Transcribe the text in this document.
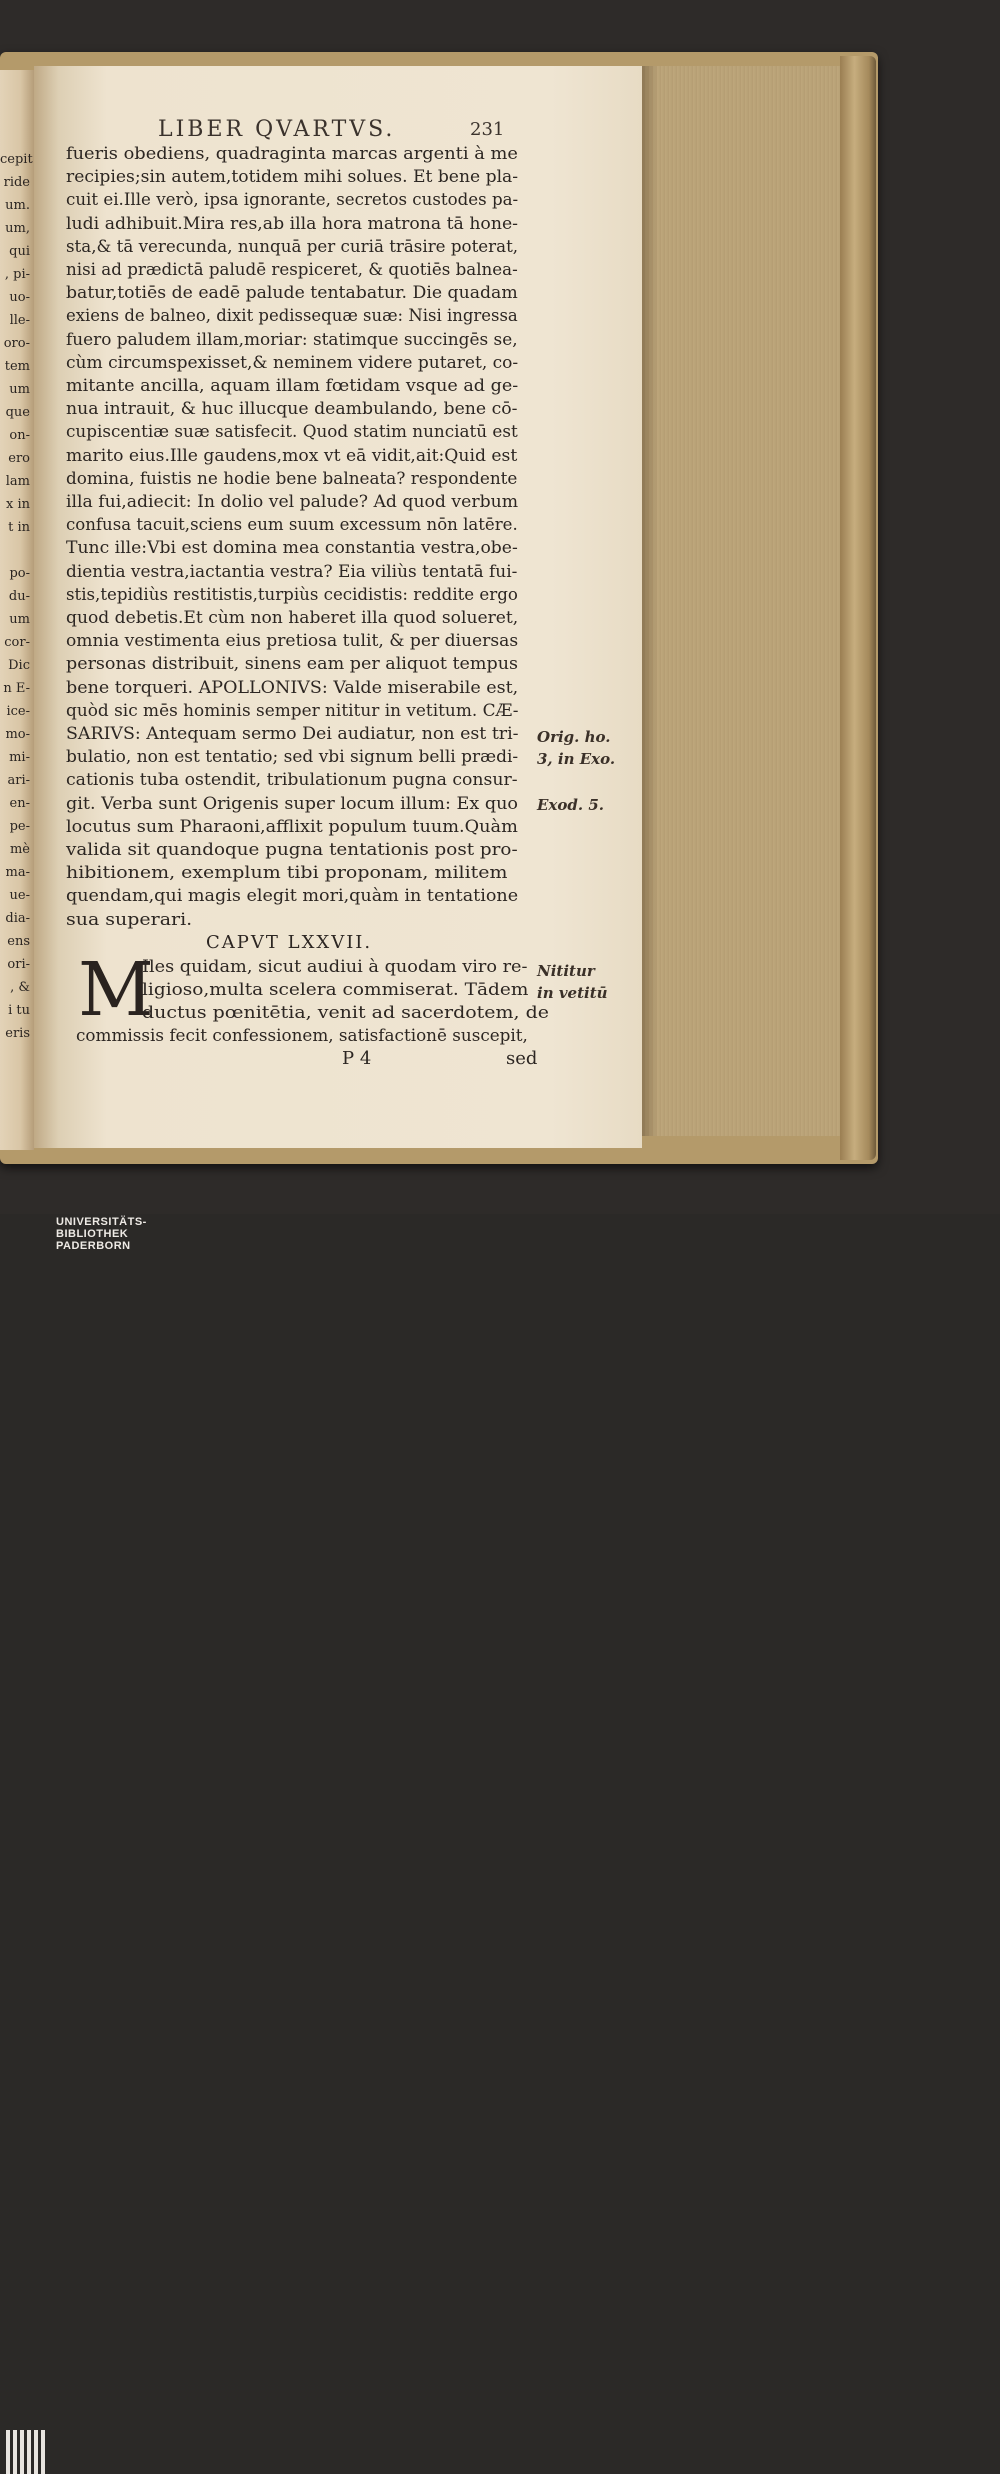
cepit
ride
um.
um,
qui
, pi-
uo-
lle-
oro-
tem
um
que
on-
ero
lam
x in
t in
po-
du-
um
cor-
Dic
n E-
ice-
mo-
mi-
ari-
en-
pe-
mè
ma-
ue-
dia-
ens
ori-
, &
i tu
eris
LIBER QVARTVS.	231
fueris obediens, quadraginta marcas argenti à me
recipies;sin autem,totidem mihi solues. Et bene pla-
cuit ei.Ille verò, ipsa ignorante, secretos custodes pa-
ludi adhibuit.Mira res,ab illa hora matrona tā hone-
sta,& tā verecunda, nunquā per curiā trāsire poterat,
nisi ad prædictā paludē respiceret, & quotiēs balnea-
batur,totiēs de eadē palude tentabatur. Die quadam
exiens de balneo, dixit pedissequæ suæ: Nisi ingressa
fuero paludem illam,moriar: statimque succingēs se,
cùm circumspexisset,& neminem videre putaret, co-
mitante ancilla, aquam illam fœtidam vsque ad ge-
nua intrauit, & huc illucque deambulando, bene cō-
cupiscentiæ suæ satisfecit. Quod statim nunciatū est
marito eius.Ille gaudens,mox vt eā vidit,ait:Quid est
domina, fuistis ne hodie bene balneata? respondente
illa fui,adiecit: In dolio vel palude? Ad quod verbum
confusa tacuit,sciens eum suum excessum nōn latēre.
Tunc ille:Vbi est domina mea constantia vestra,obe-
dientia vestra,iactantia vestra? Eia viliùs tentatā fui-
stis,tepidiùs restitistis,turpiùs cecidistis: reddite ergo
quod debetis.Et cùm non haberet illa quod solueret,
omnia vestimenta eius pretiosa tulit, & per diuersas
personas distribuit, sinens eam per aliquot tempus
bene torqueri. APOLLONIVS: Valde miserabile est,
quòd sic mēs hominis semper nititur in vetitum. CÆ-
SARIVS: Antequam sermo Dei audiatur, non est tri-
bulatio, non est tentatio; sed vbi signum belli prædi-
cationis tuba ostendit, tribulationum pugna consur-
git. Verba sunt Origenis super locum illum: Ex quo
locutus sum Pharaoni,afflixit populum tuum.Quàm
valida sit quandoque pugna tentationis post pro-
hibitionem, exemplum tibi proponam, militem
quendam,qui magis elegit mori,quàm in tentatione
sua superari.
CAPVT LXXVII.
M
Iles quidam, sicut audiui à quodam viro re-
ligioso,multa scelera commiserat. Tādem
ductus pœnitētia, venit ad sacerdotem, de
commissis fecit confessionem, satisfactionē suscepit,
P 4	sed
Orig. ho.
3, in Exo.
Exod. 5.
Nititur
in vetitū
UNIVERSITÄTS-
BIBLIOTHEK
PADERBORN
